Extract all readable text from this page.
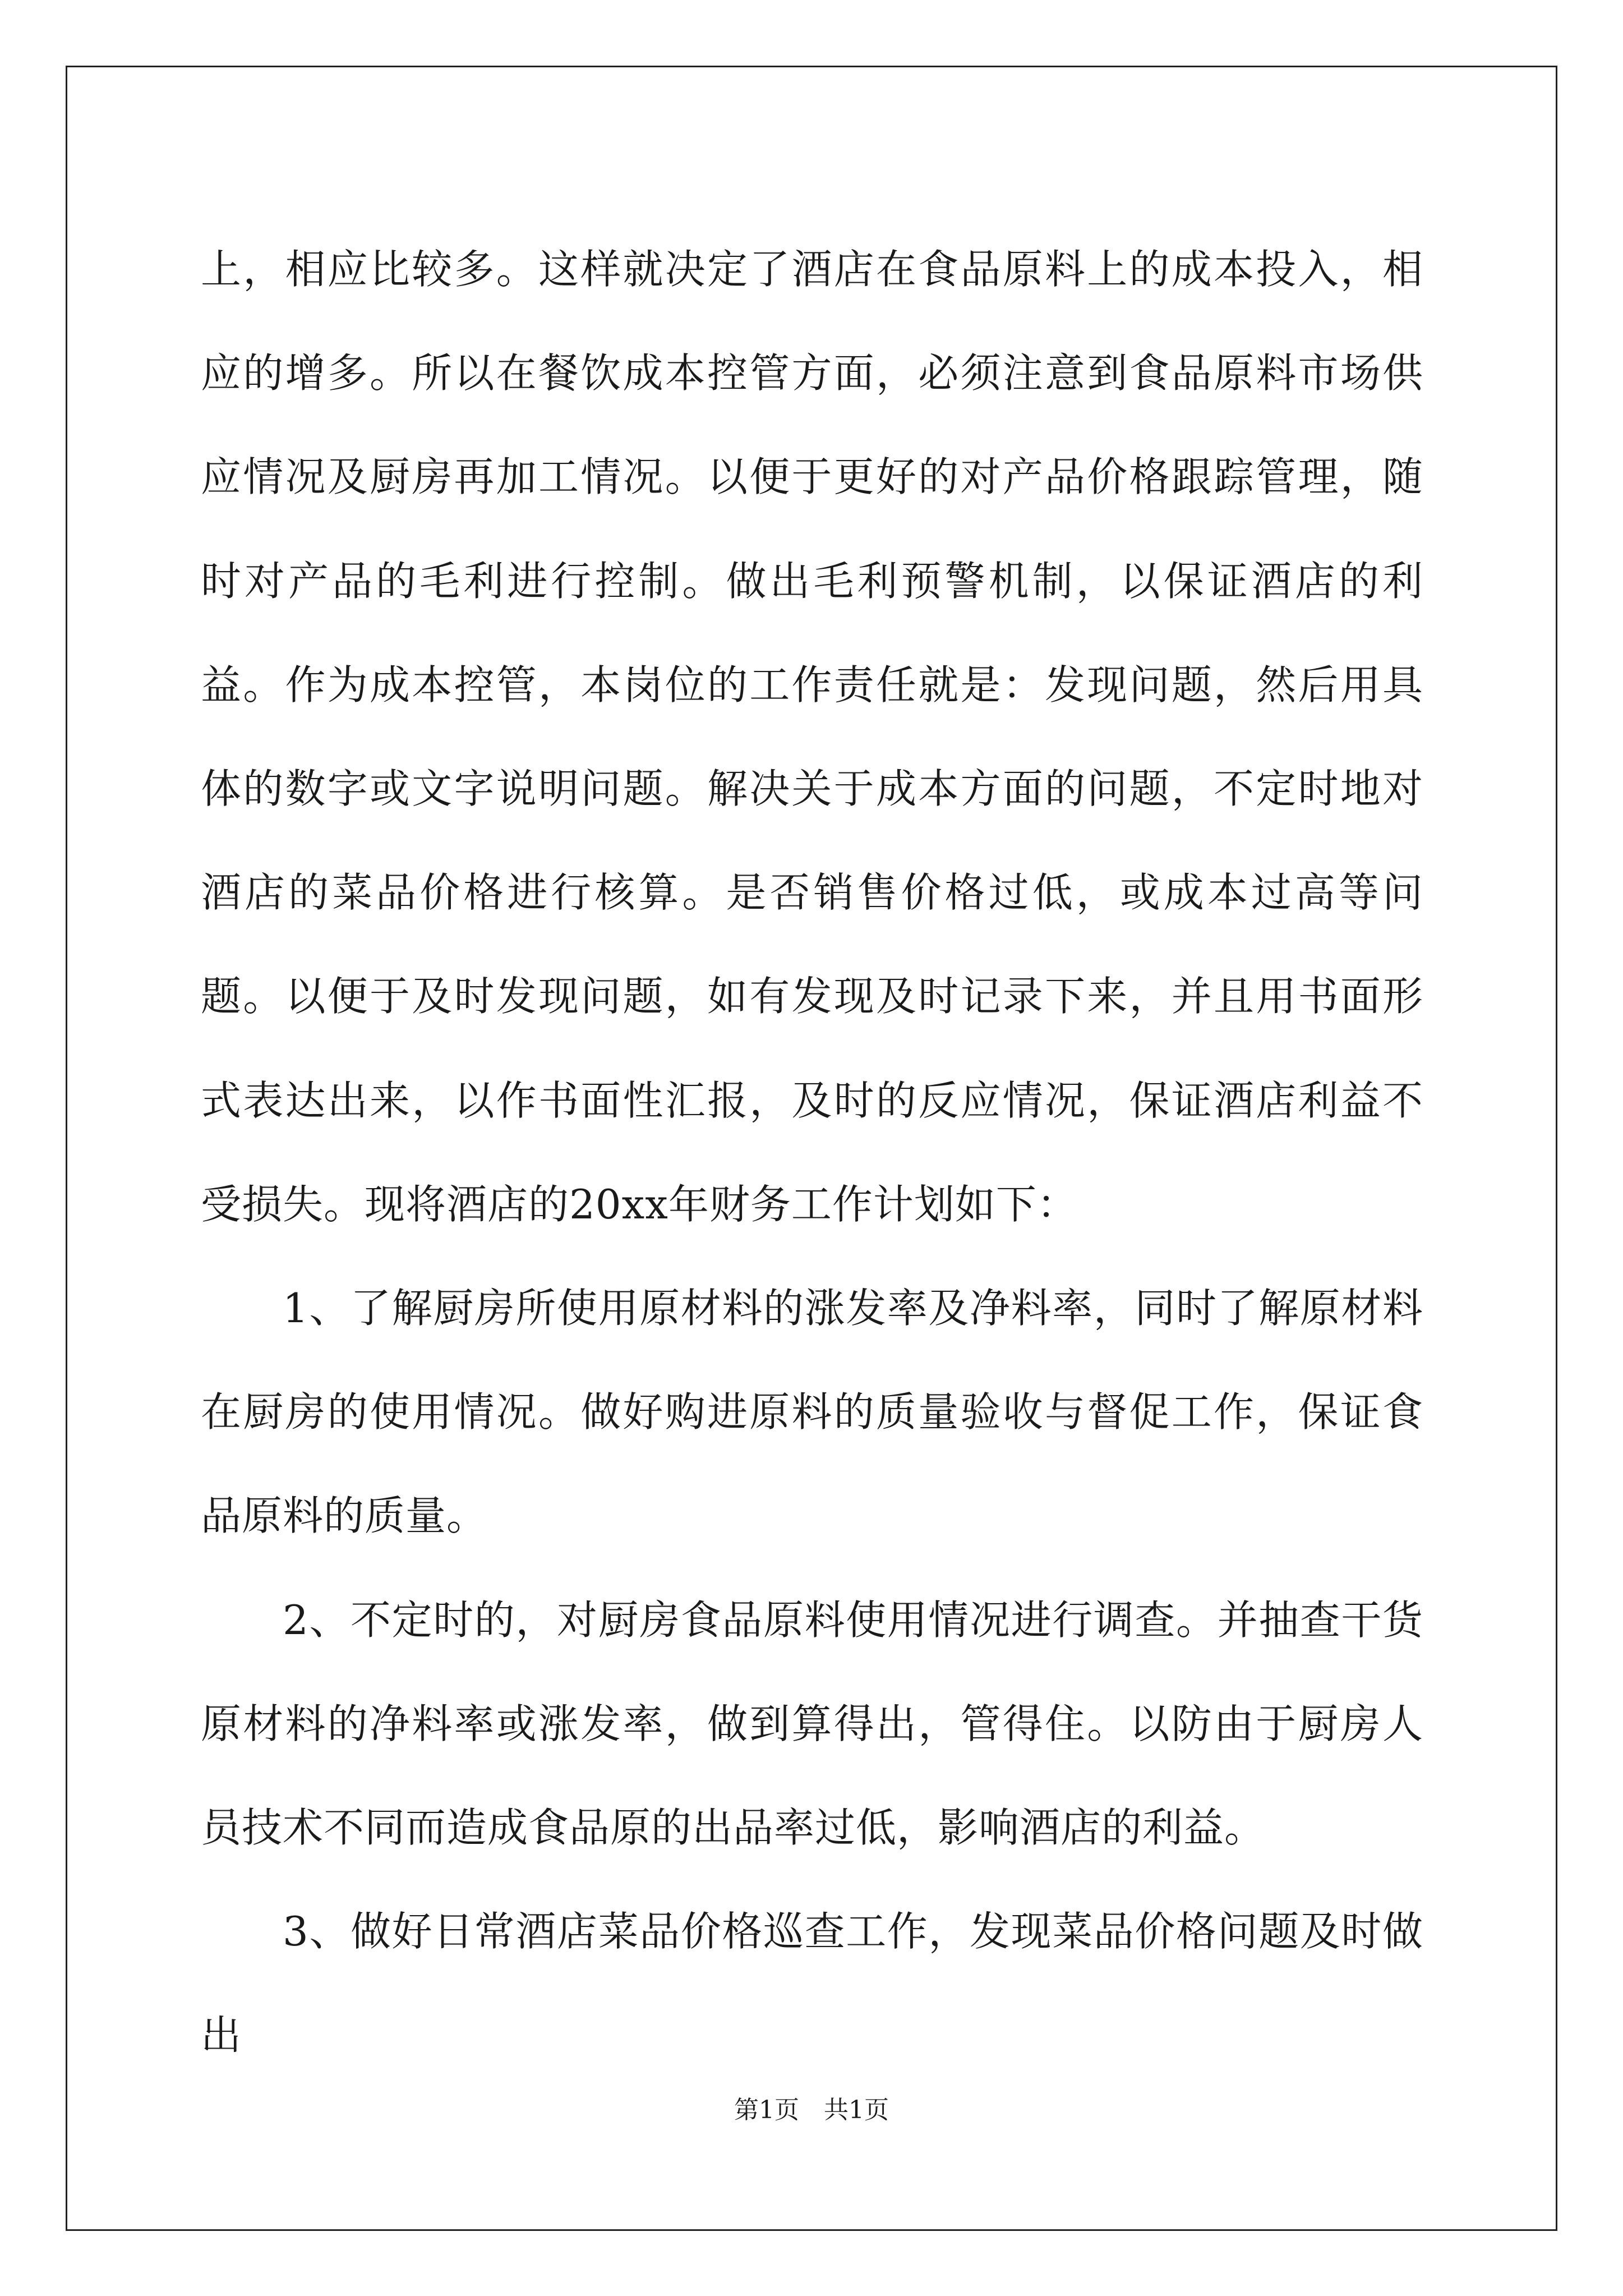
上，相应比较多。这样就决定了酒店在食品原料上的成本投入，相应的增多。所以在餐饮成本控管方面，必须注意到食品原料市场供应情况及厨房再加工情况。以便于更好的对产品价格跟踪管理，随时对产品的毛利进行控制。做出毛利预警机制，以保证酒店的利益。作为成本控管，本岗位的工作责任就是：发现问题，然后用具体的数字或文字说明问题。解决关于成本方面的问题，不定时地对酒店的菜品价格进行核算。是否销售价格过低，或成本过高等问题。以便于及时发现问题，如有发现及时记录下来，并且用书面形式表达出来，以作书面性汇报，及时的反应情况，保证酒店利益不受损失。现将酒店的20xx年财务工作计划如下：

1、了解厨房所使用原材料的涨发率及净料率，同时了解原材料在厨房的使用情况。做好购进原料的质量验收与督促工作，保证食品原料的质量。

2、不定时的，对厨房食品原料使用情况进行调查。并抽查干货原材料的净料率或涨发率，做到算得出，管得住。以防由于厨房人员技术不同而造成食品原的出品率过低，影响酒店的利益。

3、做好日常酒店菜品价格巡查工作，发现菜品价格问题及时做出

第1页　共1页
